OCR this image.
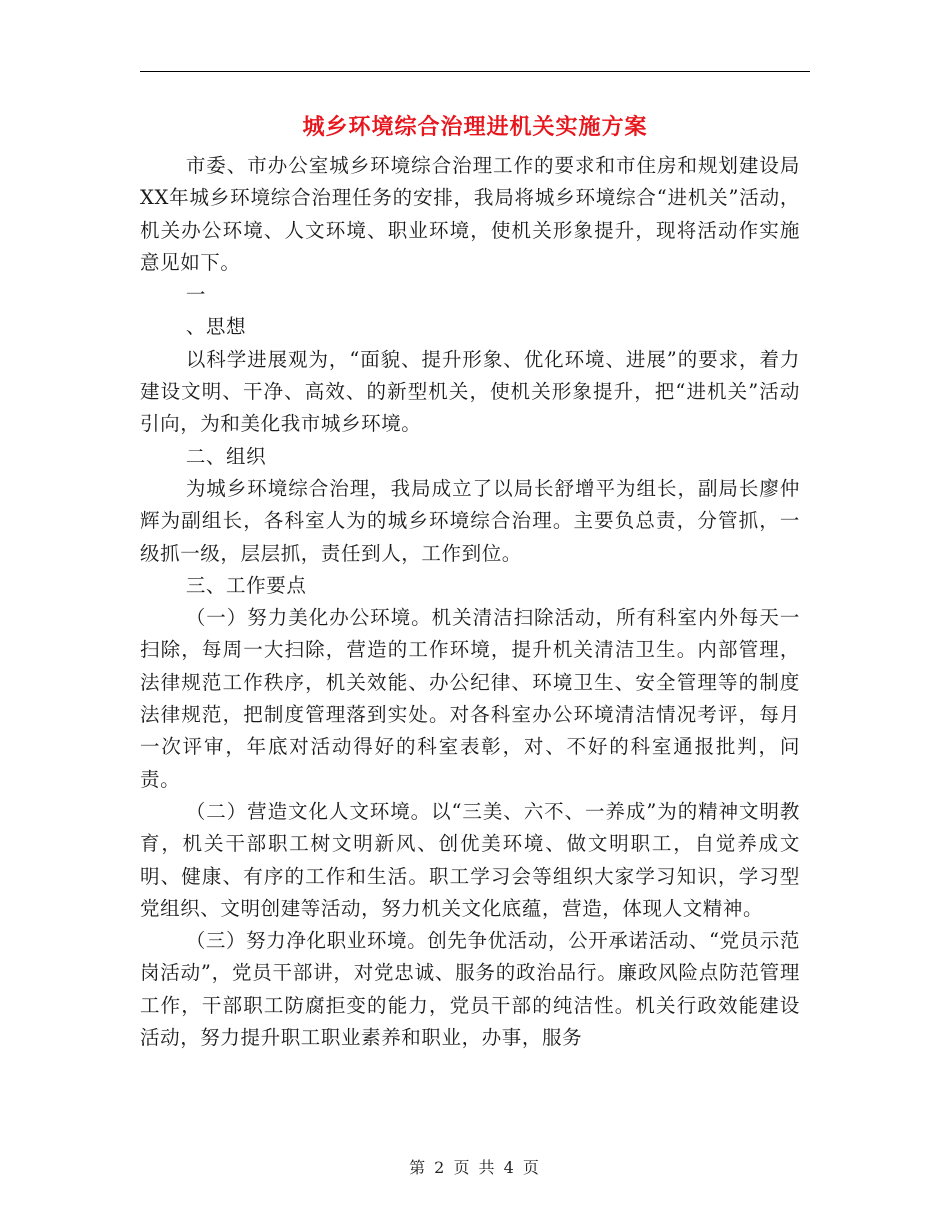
城乡环境综合治理进机关实施方案

市委、市办公室城乡环境综合治理工作的要求和市住房和规划建设局XX年城乡环境综合治理任务的安排，我局将城乡环境综合“进机关”活动，机关办公环境、人文环境、职业环境，使机关形象提升，现将活动作实施意见如下。

一

、思想

以科学进展观为，“面貌、提升形象、优化环境、进展”的要求，着力建设文明、干净、高效、的新型机关，使机关形象提升，把“进机关”活动引向，为和美化我市城乡环境。

二、组织

为城乡环境综合治理，我局成立了以局长舒增平为组长，副局长廖仲辉为副组长，各科室人为的城乡环境综合治理。主要负总责，分管抓，一级抓一级，层层抓，责任到人，工作到位。

三、工作要点

（一）努力美化办公环境。机关清洁扫除活动，所有科室内外每天一扫除，每周一大扫除，营造的工作环境，提升机关清洁卫生。内部管理，法律规范工作秩序，机关效能、办公纪律、环境卫生、安全管理等的制度法律规范，把制度管理落到实处。对各科室办公环境清洁情况考评，每月一次评审，年底对活动得好的科室表彰，对、不好的科室通报批判，问责。

（二）营造文化人文环境。以“三美、六不、一养成”为的精神文明教育，机关干部职工树文明新风、创优美环境、做文明职工，自觉养成文明、健康、有序的工作和生活。职工学习会等组织大家学习知识，学习型党组织、文明创建等活动，努力机关文化底蕴，营造，体现人文精神。

（三）努力净化职业环境。创先争优活动，公开承诺活动、“党员示范岗活动”，党员干部讲，对党忠诚、服务的政治品行。廉政风险点防范管理工作，干部职工防腐拒变的能力，党员干部的纯洁性。机关行政效能建设活动，努力提升职工职业素养和职业，办事，服务

第 2 页 共 4 页
